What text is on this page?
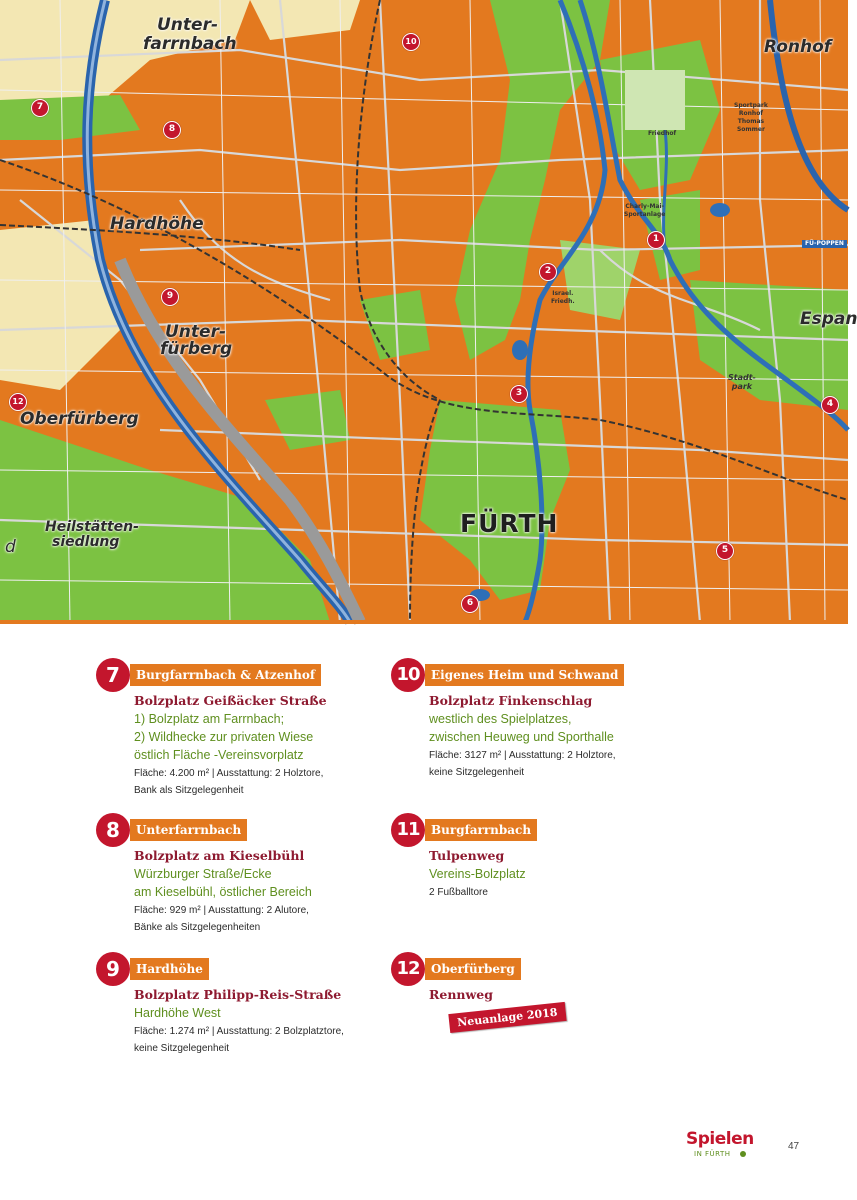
Unter-

farrnbach	Ronhof

Hardhöhe

Unter-

fürberg

Espan

Oberfürberg

Heilstätten-

siedlung

d

FÜRTH

Sportpark
Ronhof
Thomas
Sommer
Friedhof
Charly-Mai-
Sportanlage
Israel.
Friedh.
Stadt-
park
FÜ-POPPEN
1
2
3
4
5
6
7
8
9
10
12
7	Burgfarrnbach & Atzenhof

Bolzplatz Geißäcker Straße

1) Bolzplatz am Farrnbach;
2) Wildhecke zur privaten Wiese
östlich Fläche -Vereinsvorplatz

Fläche: 4.200 m² | Ausstattung: 2 Holztore,
Bank als Sitzgelegenheit

8	Unterfarrnbach

Bolzplatz am Kieselbühl

Würzburger Straße/Ecke
am Kieselbühl, östlicher Bereich

Fläche: 929 m² | Ausstattung: 2 Alutore,
Bänke als Sitzgelegenheiten

9	Hardhöhe

Bolzplatz Philipp-Reis-Straße

Hardhöhe West

Fläche: 1.274 m² | Ausstattung: 2 Bolzplatztore,
keine Sitzgelegenheit

10 Eigenes Heim und Schwand

Bolzplatz Finkenschlag

westlich des Spielplatzes,
zwischen Heuweg und Sporthalle

Fläche: 3127 m² | Ausstattung: 2 Holztore,
keine Sitzgelegenheit

11 Burgfarrnbach

Tulpenweg

Vereins-Bolzplatz

2 Fußballtore

12 Oberfürberg

Rennweg

Neuanlage 2018

Spielen

IN FÜRTH

47
